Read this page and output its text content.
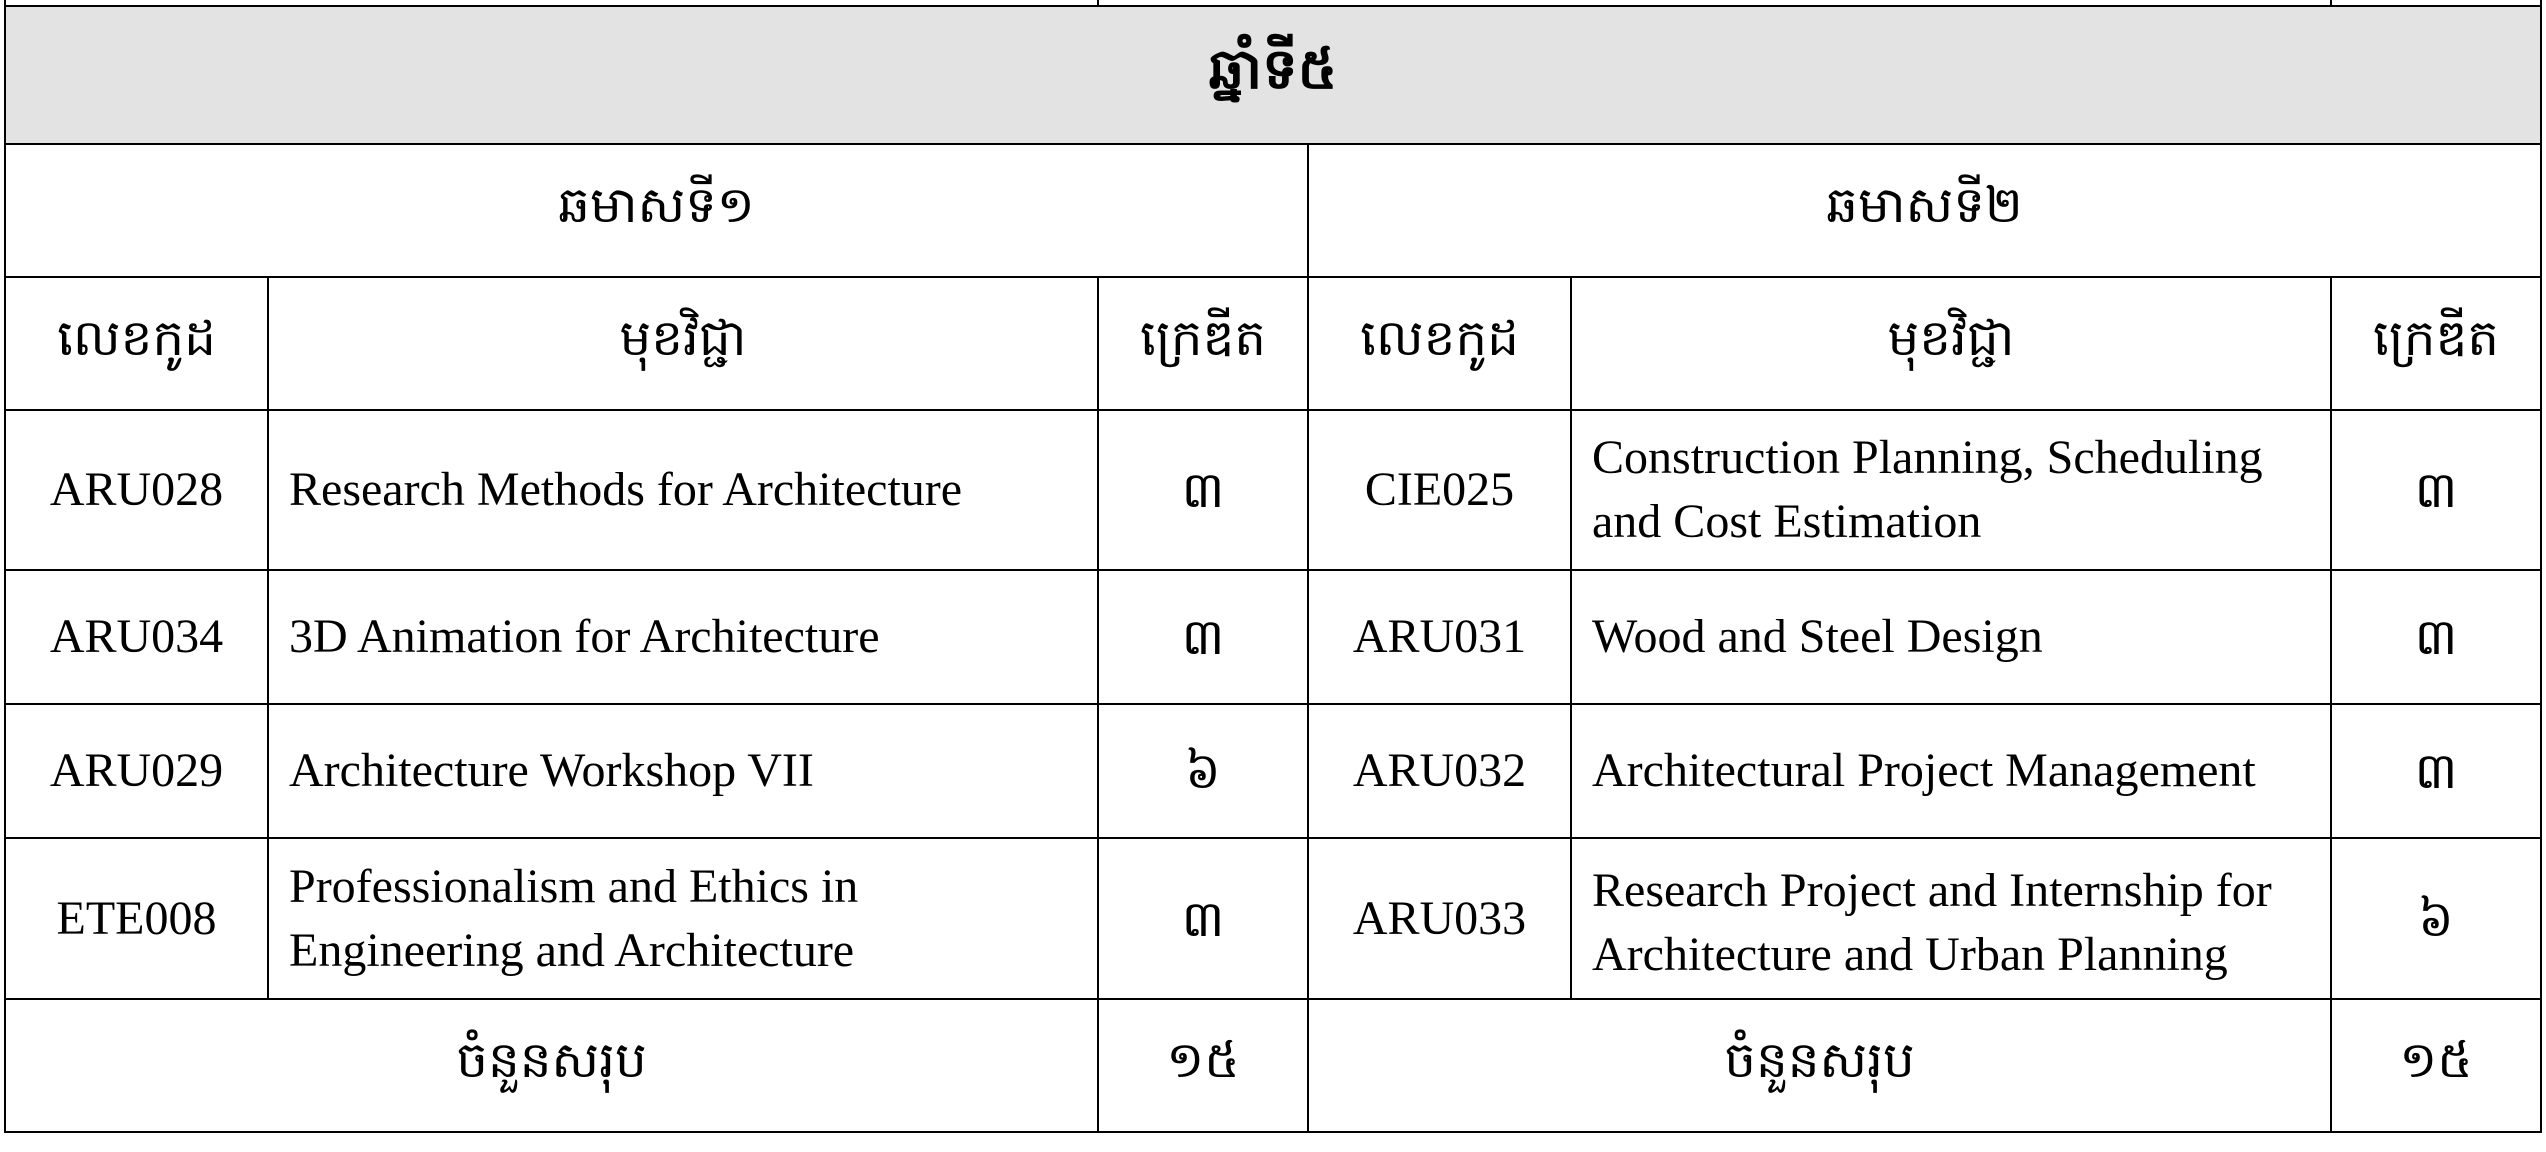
ឆ្នាំទី៥					
ឆមាសទី១			ឆមាសទី២		
លេខកូដ	មុខវិជ្ជា	ក្រេឌីត	លេខកូដ	មុខវិជ្ជា	ក្រេឌីត
ARU028	Research Methods for Architecture	៣	CIE025	Construction Planning, Scheduling and Cost Estimation	៣
ARU034	3D Animation for Architecture	៣	ARU031	Wood and Steel Design	៣
ARU029	Architecture Workshop VII	៦	ARU032	Architectural Project Management	៣
ETE008	Professionalism and Ethics in Engineering and Architecture	៣	ARU033	Research Project and Internship for Architecture and Urban Planning	៦
ចំនួនសរុប		១៥	ចំនួនសរុប		១៥
